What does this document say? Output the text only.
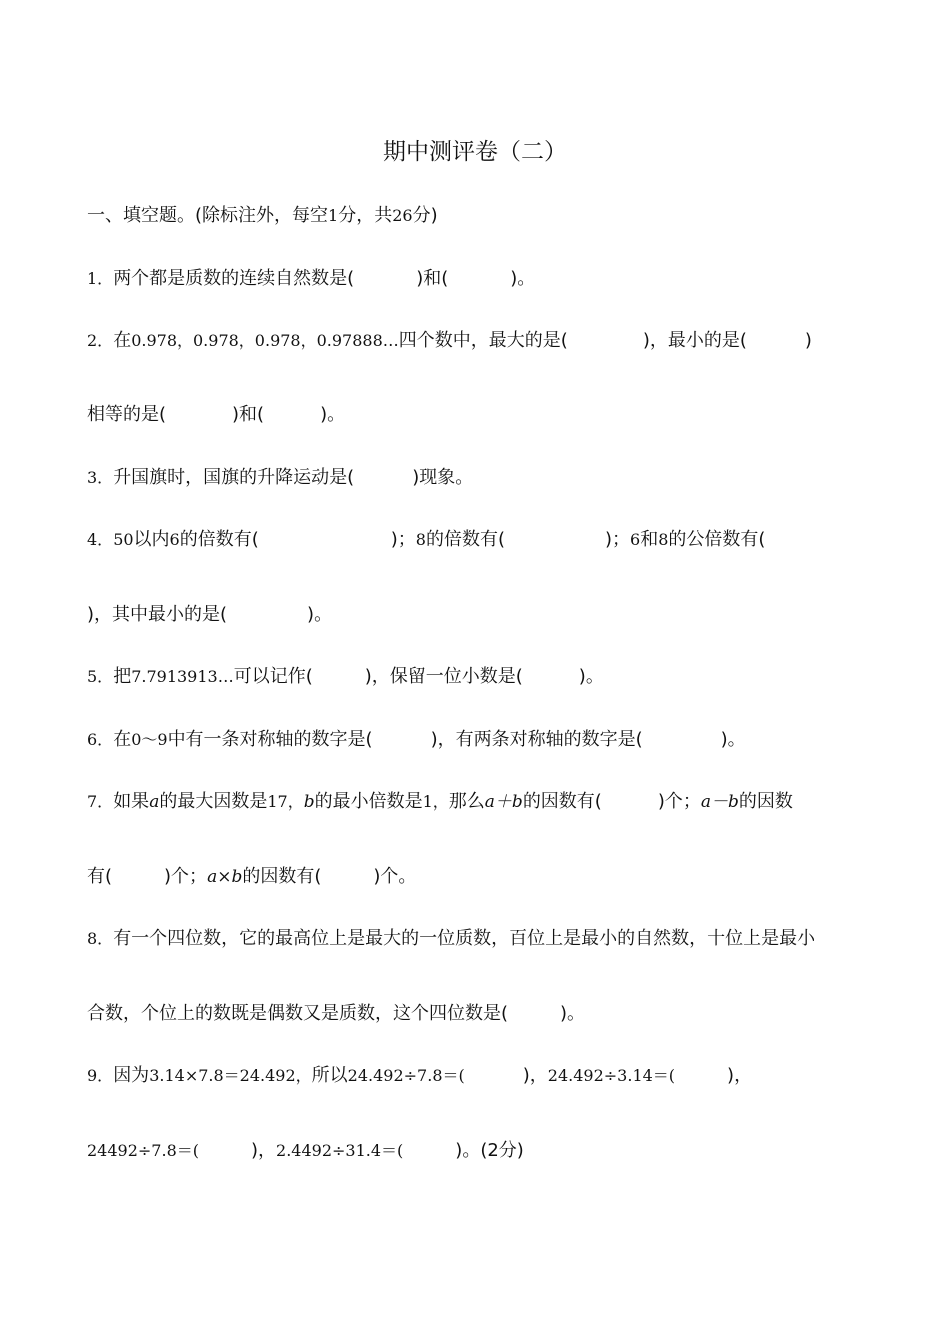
期中测评卷（二）

一、填空题。(除标注外，每空1分，共26分)

1．两个都是质数的连续自然数是(	)和(	)。

2．在0.978，0.978，0.978，0.97888…四个数中，最大的是(	)，最小的是(	)

相等的是(	)和(	)。

3．升国旗时，国旗的升降运动是(	)现象。

4．50以内6的倍数有(	)；8的倍数有(	)；6和8的公倍数有(

)，其中最小的是(	)。

5．把7.7913913…可以记作(	)，保留一位小数是(	)。

6．在0～9中有一条对称轴的数字是(	)，有两条对称轴的数字是(	)。

7．如果a的最大因数是17，b的最小倍数是1，那么a＋b的因数有(	)个；a－b的因数

有(	)个；a×b的因数有(	)个。

8．有一个四位数，它的最高位上是最大的一位质数，百位上是最小的自然数，十位上是最小

合数，个位上的数既是偶数又是质数，这个四位数是(	)。

9．因为3.14×7.8＝24.492，所以24.492÷7.8＝(	)，24.492÷3.14＝(	)，

24492÷7.8＝(	)，2.4492÷31.4＝(	)。(2分)
